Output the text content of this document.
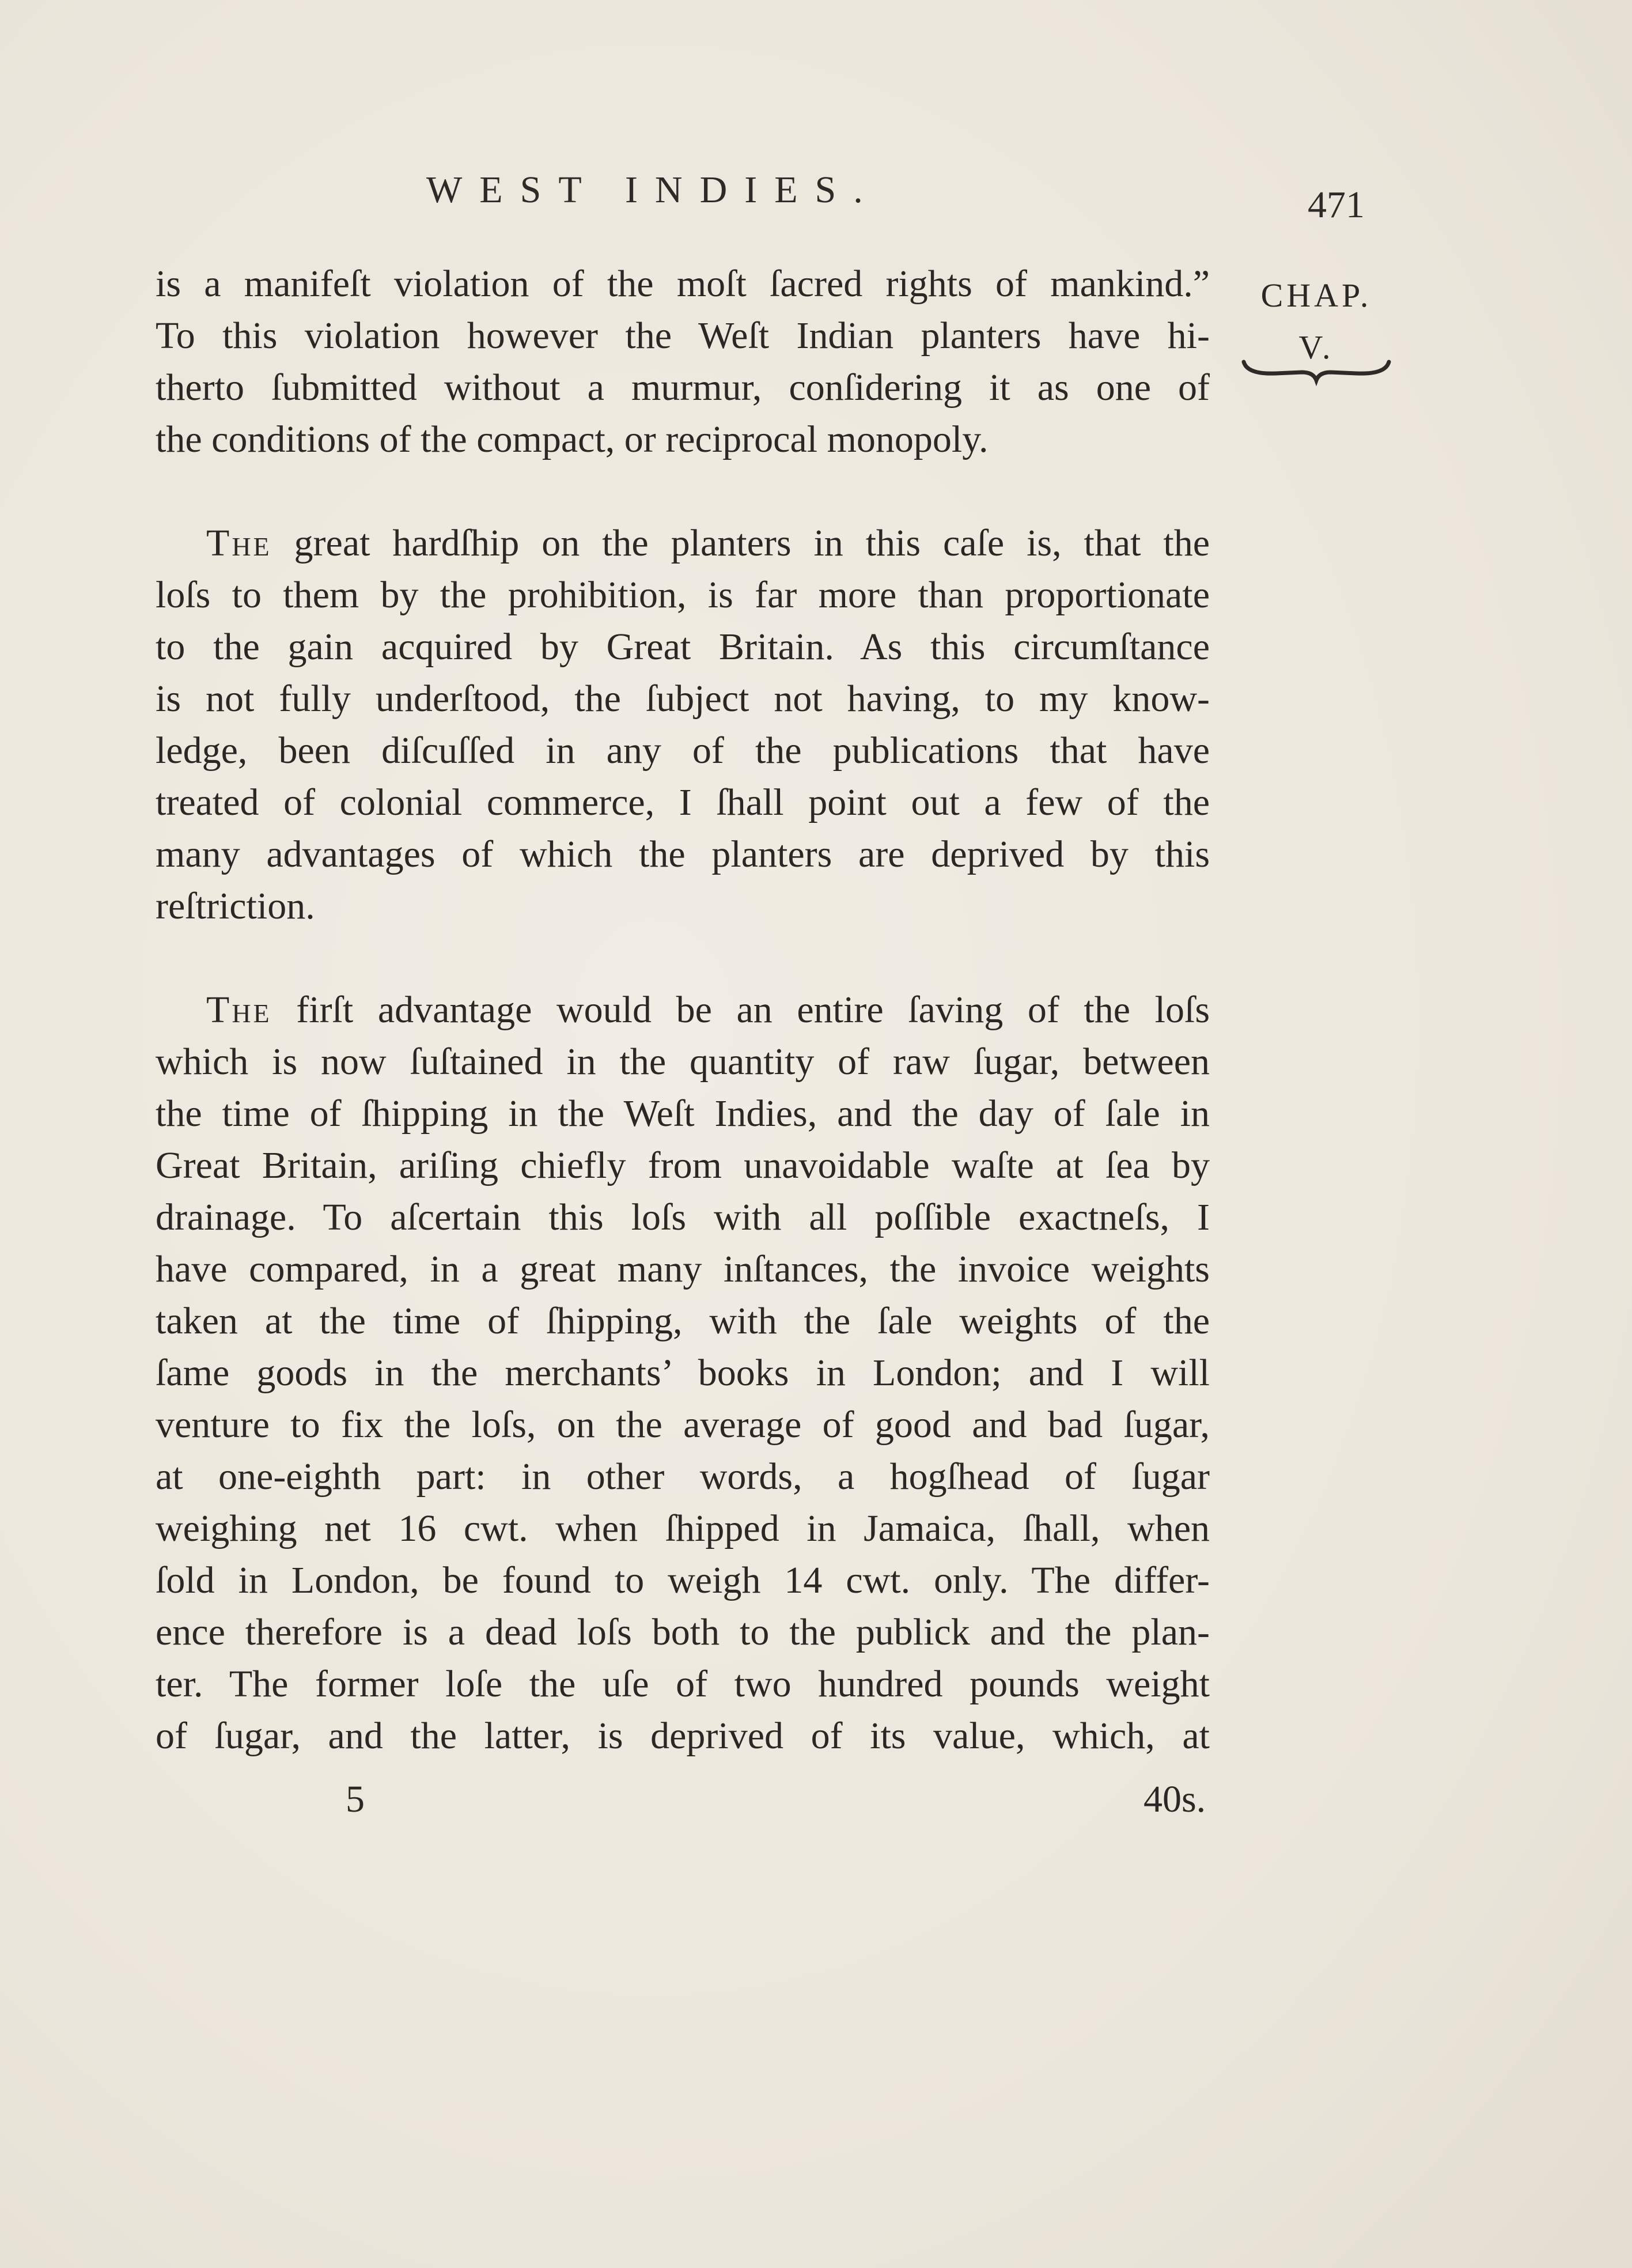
WEST INDIES.	471
CHAP.
V.

is a manifeſt violation of the moſt ſacred rights of mankind.”
To this violation however the Weſt Indian planters have hi-
therto ſubmitted without a murmur, conſidering it as one of
the conditions of the compact, or reciprocal monopoly.

The great hardſhip on the planters in this caſe is, that the
loſs to them by the prohibition, is far more than proportionate
to the gain acquired by Great Britain. As this circumſtance
is not fully underſtood, the ſubject not having, to my know-
ledge, been diſcuſſed in any of the publications that have
treated of colonial commerce, I ſhall point out a few of the
many advantages of which the planters are deprived by this
reſtriction.

The firſt advantage would be an entire ſaving of the loſs
which is now ſuſtained in the quantity of raw ſugar, between
the time of ſhipping in the Weſt Indies, and the day of ſale in
Great Britain, ariſing chiefly from unavoidable waſte at ſea by
drainage. To aſcertain this loſs with all poſſible exactneſs, I
have compared, in a great many inſtances, the invoice weights
taken at the time of ſhipping, with the ſale weights of the
ſame goods in the merchants’ books in London; and I will
venture to fix the loſs, on the average of good and bad ſugar,
at one-eighth part: in other words, a hogſhead of ſugar
weighing net 16 cwt. when ſhipped in Jamaica, ſhall, when
ſold in London, be found to weigh 14 cwt. only. The differ-
ence therefore is a dead loſs both to the publick and the plan-
ter. The former loſe the uſe of two hundred pounds weight
of ſugar, and the latter, is deprived of its value, which, at

5	40s.
